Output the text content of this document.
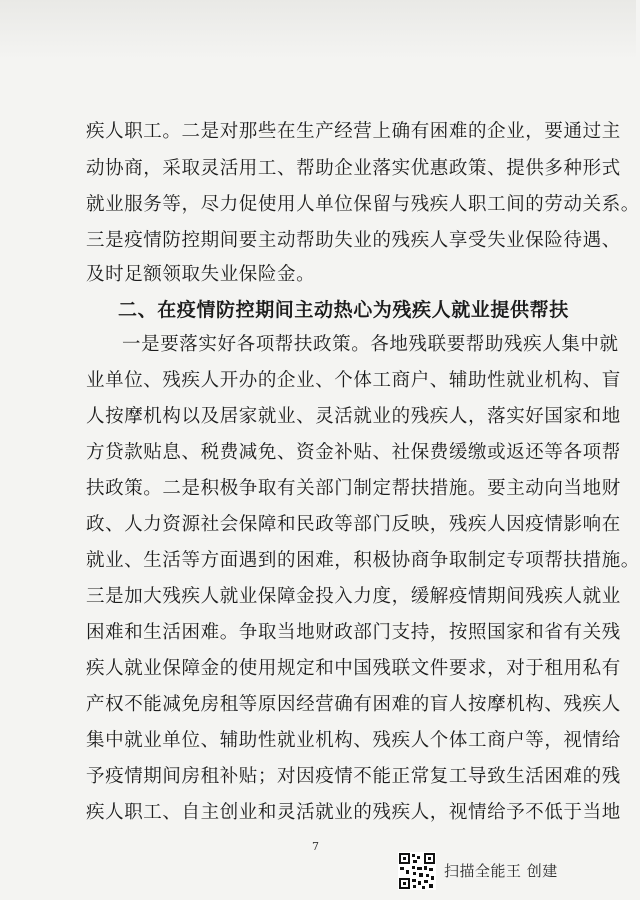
疾人职工。二是对那些在生产经营上确有困难的企业，要通过主
动协商，采取灵活用工、帮助企业落实优惠政策、提供多种形式
就业服务等，尽力促使用人单位保留与残疾人职工间的劳动关系。
三是疫情防控期间要主动帮助失业的残疾人享受失业保险待遇、
及时足额领取失业保险金。
二、在疫情防控期间主动热心为残疾人就业提供帮扶
一是要落实好各项帮扶政策。各地残联要帮助残疾人集中就
业单位、残疾人开办的企业、个体工商户、辅助性就业机构、盲
人按摩机构以及居家就业、灵活就业的残疾人，落实好国家和地
方贷款贴息、税费减免、资金补贴、社保费缓缴或返还等各项帮
扶政策。二是积极争取有关部门制定帮扶措施。要主动向当地财
政、人力资源社会保障和民政等部门反映，残疾人因疫情影响在
就业、生活等方面遇到的困难，积极协商争取制定专项帮扶措施。
三是加大残疾人就业保障金投入力度，缓解疫情期间残疾人就业
困难和生活困难。争取当地财政部门支持，按照国家和省有关残
疾人就业保障金的使用规定和中国残联文件要求，对于租用私有
产权不能减免房租等原因经营确有困难的盲人按摩机构、残疾人
集中就业单位、辅助性就业机构、残疾人个体工商户等，视情给
予疫情期间房租补贴；对因疫情不能正常复工导致生活困难的残
疾人职工、自主创业和灵活就业的残疾人，视情给予不低于当地
7
扫描全能王 创建
